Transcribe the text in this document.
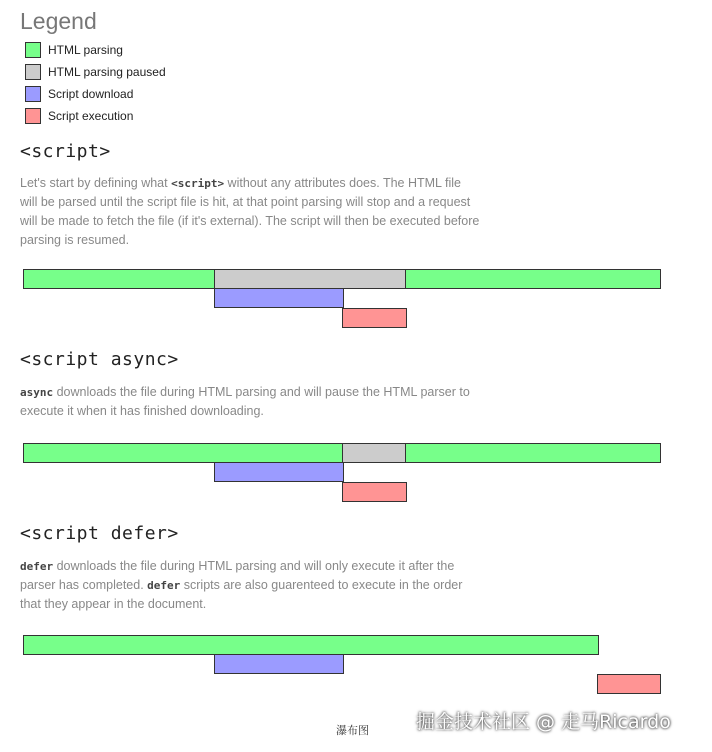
Legend
HTML parsing
HTML parsing paused
Script download
Script execution
<script>
Let's start by defining what <script> without any attributes does. The HTML file will be parsed until the script file is hit, at that point parsing will stop and a request will be made to fetch the file (if it's external). The script will then be executed before parsing is resumed.
<script async>
async downloads the file during HTML parsing and will pause the HTML parser to execute it when it has finished downloading.
<script defer>
defer downloads the file during HTML parsing and will only execute it after the parser has completed. defer scripts are also guarenteed to execute in the order that they appear in the document.
瀑布图 掘金技术社区 @ 走马Ricardo
